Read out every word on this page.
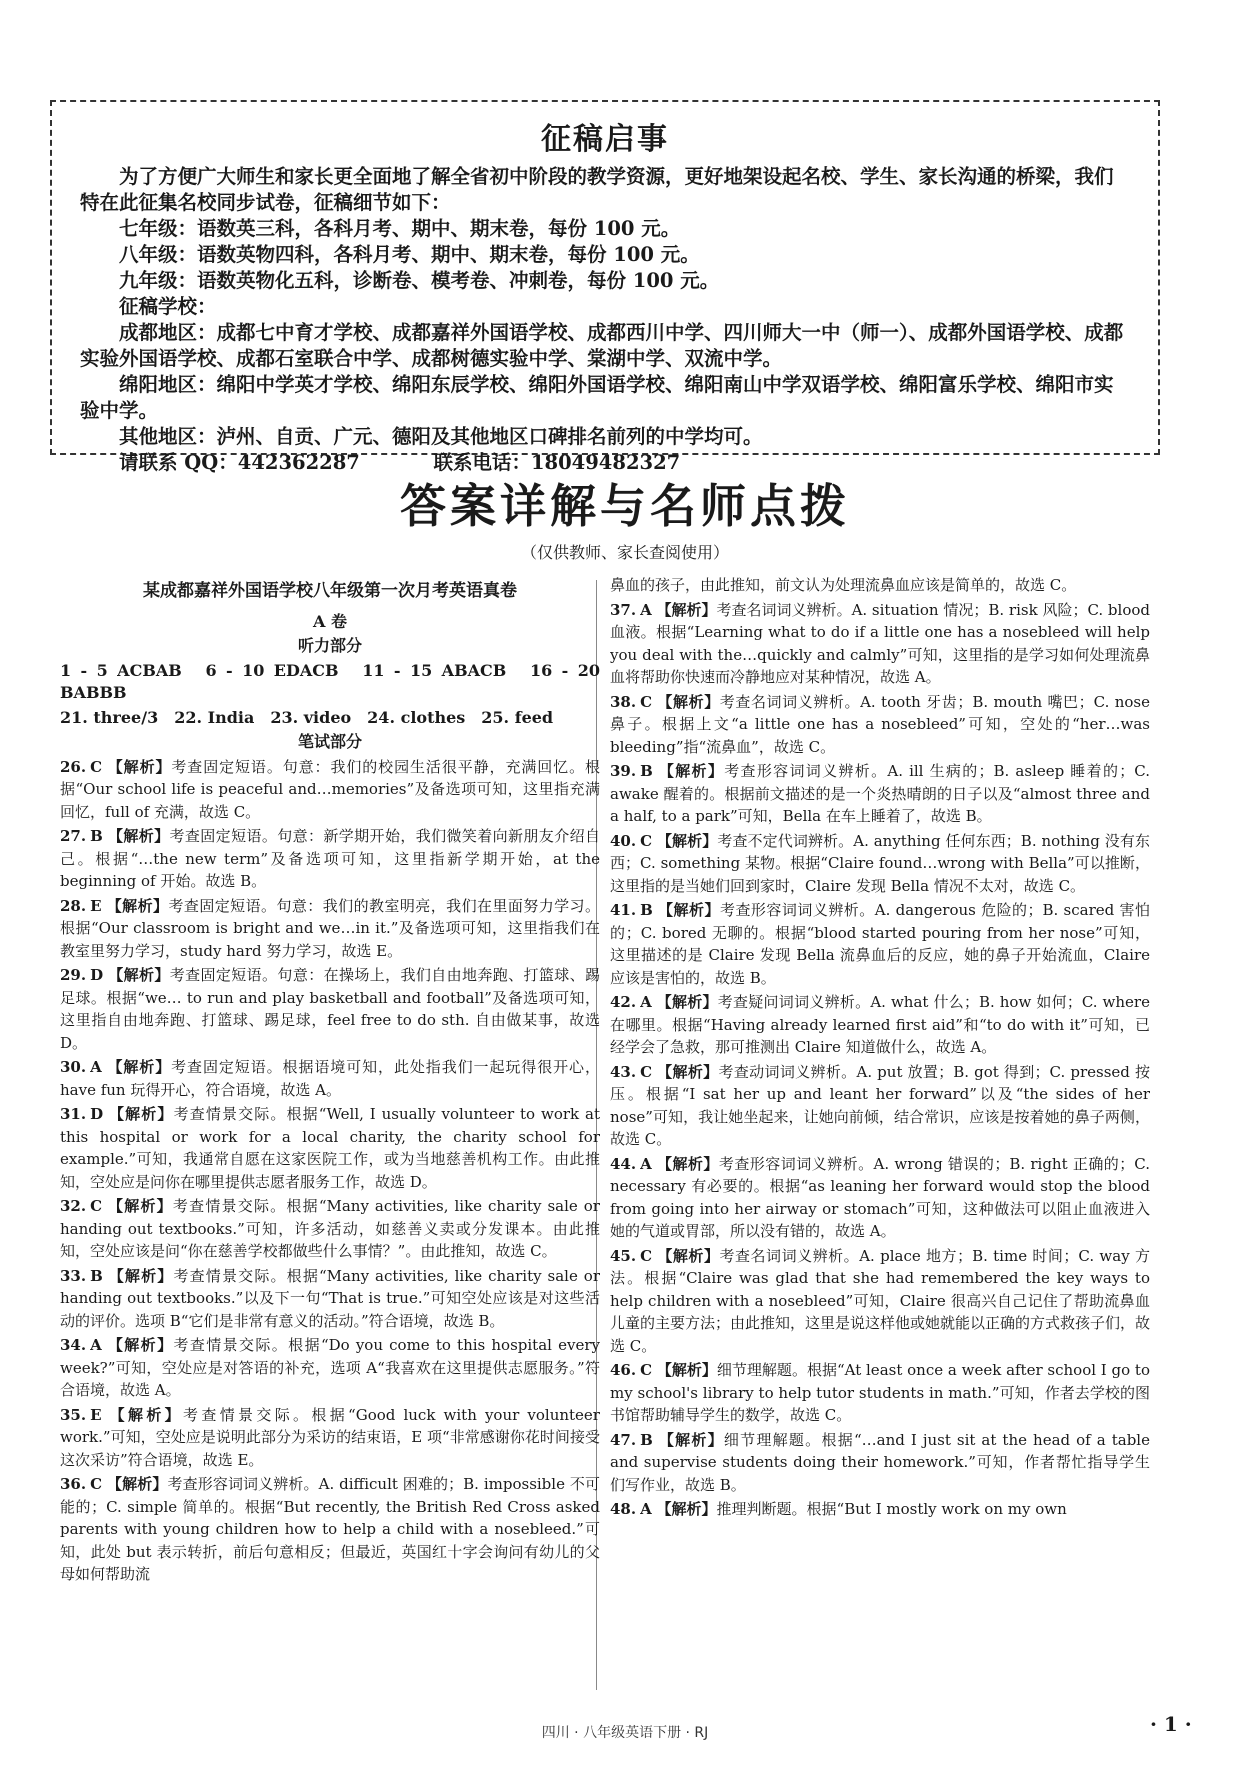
征稿启事

为了方便广大师生和家长更全面地了解全省初中阶段的教学资源，更好地架设起名校、学生、家长沟通的桥梁，我们特在此征集名校同步试卷，征稿细节如下：

七年级：语数英三科，各科月考、期中、期末卷，每份 100 元。

八年级：语数英物四科，各科月考、期中、期末卷，每份 100 元。

九年级：语数英物化五科，诊断卷、模考卷、冲刺卷，每份 100 元。

征稿学校：

成都地区：成都七中育才学校、成都嘉祥外国语学校、成都西川中学、四川师大一中（师一）、成都外国语学校、成都实验外国语学校、成都石室联合中学、成都树德实验中学、棠湖中学、双流中学。

绵阳地区：绵阳中学英才学校、绵阳东辰学校、绵阳外国语学校、绵阳南山中学双语学校、绵阳富乐学校、绵阳市实验中学。

其他地区：泸州、自贡、广元、德阳及其他地区口碑排名前列的中学均可。

请联系 QQ：442362287	联系电话：18049482327

答案详解与名师点拨
（仅供教师、家长查阅使用）

某成都嘉祥外国语学校八年级第一次月考英语真卷

A 卷

听力部分

1 - 5 ACBAB　6 - 10 EDACB　11 - 15 ABACB　16 - 20 BABBB

21. three/3　22. India　23. video　24. clothes　25. feed

笔试部分

26. C 【解析】考查固定短语。句意：我们的校园生活很平静，充满回忆。根据“Our school life is peaceful and…memories”及备选项可知，这里指充满回忆，full of 充满，故选 C。

27. B 【解析】考查固定短语。句意：新学期开始，我们微笑着向新朋友介绍自己。根据“…the new term”及备选项可知，这里指新学期开始，at the beginning of 开始。故选 B。

28. E 【解析】考查固定短语。句意：我们的教室明亮，我们在里面努力学习。根据“Our classroom is bright and we…in it.”及备选项可知，这里指我们在教室里努力学习，study hard 努力学习，故选 E。

29. D 【解析】考查固定短语。句意：在操场上，我们自由地奔跑、打篮球、踢足球。根据“we… to run and play basketball and football”及备选项可知，这里指自由地奔跑、打篮球、踢足球，feel free to do sth. 自由做某事，故选 D。

30. A 【解析】考查固定短语。根据语境可知，此处指我们一起玩得很开心，have fun 玩得开心，符合语境，故选 A。

31. D 【解析】考查情景交际。根据“Well, I usually volunteer to work at this hospital or work for a local charity, the charity school for example.”可知，我通常自愿在这家医院工作，或为当地慈善机构工作。由此推知，空处应是问你在哪里提供志愿者服务工作，故选 D。

32. C 【解析】考查情景交际。根据“Many activities, like charity sale or handing out textbooks.”可知，许多活动，如慈善义卖或分发课本。由此推知，空处应该是问“你在慈善学校都做些什么事情？”。由此推知，故选 C。

33. B 【解析】考查情景交际。根据“Many activities, like charity sale or handing out textbooks.”以及下一句“That is true.”可知空处应该是对这些活动的评价。选项 B“它们是非常有意义的活动。”符合语境，故选 B。

34. A 【解析】考查情景交际。根据“Do you come to this hospital every week?”可知，空处应是对答语的补充，选项 A“我喜欢在这里提供志愿服务。”符合语境，故选 A。

35. E 【解析】考查情景交际。根据“Good luck with your volunteer work.”可知，空处应是说明此部分为采访的结束语，E 项“非常感谢你花时间接受这次采访”符合语境，故选 E。

36. C 【解析】考查形容词词义辨析。A. difficult 困难的；B. impossible 不可能的；C. simple 简单的。根据“But recently, the British Red Cross asked parents with young children how to help a child with a nosebleed.”可知，此处 but 表示转折，前后句意相反；但最近，英国红十字会询问有幼儿的父母如何帮助流

鼻血的孩子，由此推知，前文认为处理流鼻血应该是简单的，故选 C。

37. A 【解析】考查名词词义辨析。A. situation 情况；B. risk 风险；C. blood 血液。根据“Learning what to do if a little one has a nosebleed will help you deal with the…quickly and calmly”可知，这里指的是学习如何处理流鼻血将帮助你快速而冷静地应对某种情况，故选 A。

38. C 【解析】考查名词词义辨析。A. tooth 牙齿；B. mouth 嘴巴；C. nose 鼻子。根据上文“a little one has a nosebleed”可知，空处的“her…was bleeding”指“流鼻血”，故选 C。

39. B 【解析】考查形容词词义辨析。A. ill 生病的；B. asleep 睡着的；C. awake 醒着的。根据前文描述的是一个炎热晴朗的日子以及“almost three and a half, to a park”可知，Bella 在车上睡着了，故选 B。

40. C 【解析】考查不定代词辨析。A. anything 任何东西；B. nothing 没有东西；C. something 某物。根据“Claire found…wrong with Bella”可以推断，这里指的是当她们回到家时，Claire 发现 Bella 情况不太对，故选 C。

41. B 【解析】考查形容词词义辨析。A. dangerous 危险的；B. scared 害怕的；C. bored 无聊的。根据“blood started pouring from her nose”可知，这里描述的是 Claire 发现 Bella 流鼻血后的反应，她的鼻子开始流血，Claire 应该是害怕的，故选 B。

42. A 【解析】考查疑问词词义辨析。A. what 什么；B. how 如何；C. where 在哪里。根据“Having already learned first aid”和“to do with it”可知，已经学会了急救，那可推测出 Claire 知道做什么，故选 A。

43. C 【解析】考查动词词义辨析。A. put 放置；B. got 得到；C. pressed 按压。根据“I sat her up and leant her forward”以及“the sides of her nose”可知，我让她坐起来，让她向前倾，结合常识，应该是按着她的鼻子两侧，故选 C。

44. A 【解析】考查形容词词义辨析。A. wrong 错误的；B. right 正确的；C. necessary 有必要的。根据“as leaning her forward would stop the blood from going into her airway or stomach”可知，这种做法可以阻止血液进入她的气道或胃部，所以没有错的，故选 A。

45. C 【解析】考查名词词义辨析。A. place 地方；B. time 时间；C. way 方法。根据“Claire was glad that she had remembered the key ways to help children with a nosebleed”可知，Claire 很高兴自己记住了帮助流鼻血儿童的主要方法；由此推知，这里是说这样他或她就能以正确的方式救孩子们，故选 C。

46. C 【解析】细节理解题。根据“At least once a week after school I go to my school's library to help tutor students in math.”可知，作者去学校的图书馆帮助辅导学生的数学，故选 C。

47. B 【解析】细节理解题。根据“…and I just sit at the head of a table and supervise students doing their homework.”可知，作者帮忙指导学生们写作业，故选 B。

48. A 【解析】推理判断题。根据“But I mostly work on my own

四川 · 八年级英语下册 · RJ	· 1 ·
